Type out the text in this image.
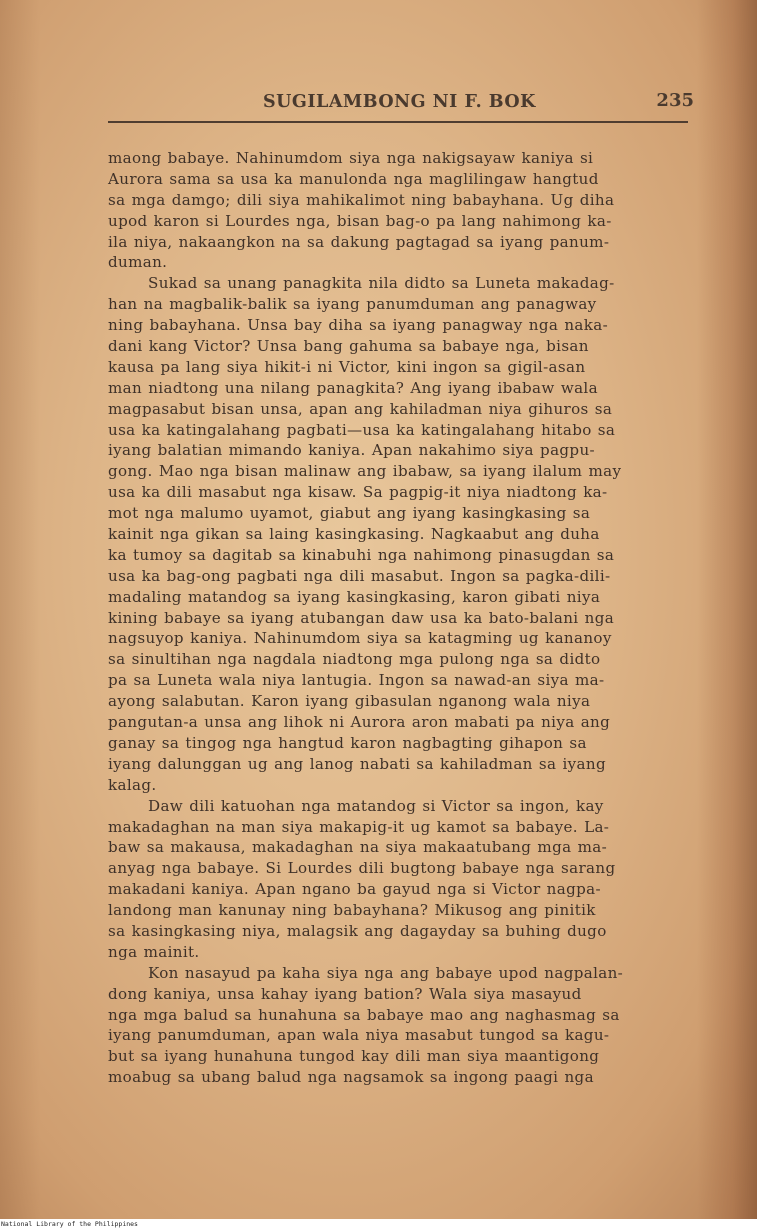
SUGILAMBONG NI F. BOK	235
maong babaye. Nahinumdom siya nga nakigsayaw kaniya si
Aurora sama sa usa ka manulonda nga maglilingaw hangtud
sa mga damgo; dili siya mahikalimot ning babayhana. Ug diha
upod karon si Lourdes nga, bisan bag-o pa lang nahimong ka-
ila niya, nakaangkon na sa dakung pagtagad sa iyang panum-
duman.
Sukad sa unang panagkita nila didto sa Luneta makadag-
han na magbalik-balik sa iyang panumduman ang panagway
ning babayhana. Unsa bay diha sa iyang panagway nga naka-
dani kang Victor? Unsa bang gahuma sa babaye nga, bisan
kausa pa lang siya hikit-i ni Victor, kini ingon sa gigil-asan
man niadtong una nilang panagkita? Ang iyang ibabaw wala
magpasabut bisan unsa, apan ang kahiladman niya gihuros sa
usa ka katingalahang pagbati—usa ka katingalahang hitabo sa
iyang balatian mimando kaniya. Apan nakahimo siya pagpu-
gong. Mao nga bisan malinaw ang ibabaw, sa iyang ilalum may
usa ka dili masabut nga kisaw. Sa pagpig-it niya niadtong ka-
mot nga malumo uyamot, giabut ang iyang kasingkasing sa
kainit nga gikan sa laing kasingkasing. Nagkaabut ang duha
ka tumoy sa dagitab sa kinabuhi nga nahimong pinasugdan sa
usa ka bag-ong pagbati nga dili masabut. Ingon sa pagka-dili-
madaling matandog sa iyang kasingkasing, karon gibati niya
kining babaye sa iyang atubangan daw usa ka bato-balani nga
nagsuyop kaniya. Nahinumdom siya sa katagming ug kananoy
sa sinultihan nga nagdala niadtong mga pulong nga sa didto
pa sa Luneta wala niya lantugia. Ingon sa nawad-an siya ma-
ayong salabutan. Karon iyang gibasulan nganong wala niya
pangutan-a unsa ang lihok ni Aurora aron mabati pa niya ang
ganay sa tingog nga hangtud karon nagbagting gihapon sa
iyang dalunggan ug ang lanog nabati sa kahiladman sa iyang
kalag.
Daw dili katuohan nga matandog si Victor sa ingon, kay
makadaghan na man siya makapig-it ug kamot sa babaye. La-
baw sa makausa, makadaghan na siya makaatubang mga ma-
anyag nga babaye. Si Lourdes dili bugtong babaye nga sarang
makadani kaniya. Apan ngano ba gayud nga si Victor nagpa-
landong man kanunay ning babayhana? Mikusog ang pinitik
sa kasingkasing niya, malagsik ang dagayday sa buhing dugo
nga mainit.
Kon nasayud pa kaha siya nga ang babaye upod nagpalan-
dong kaniya, unsa kahay iyang bation? Wala siya masayud
nga mga balud sa hunahuna sa babaye mao ang naghasmag sa
iyang panumduman, apan wala niya masabut tungod sa kagu-
but sa iyang hunahuna tungod kay dili man siya maantigong
moabug sa ubang balud nga nagsamok sa ingong paagi nga
National Library of the Philippines
